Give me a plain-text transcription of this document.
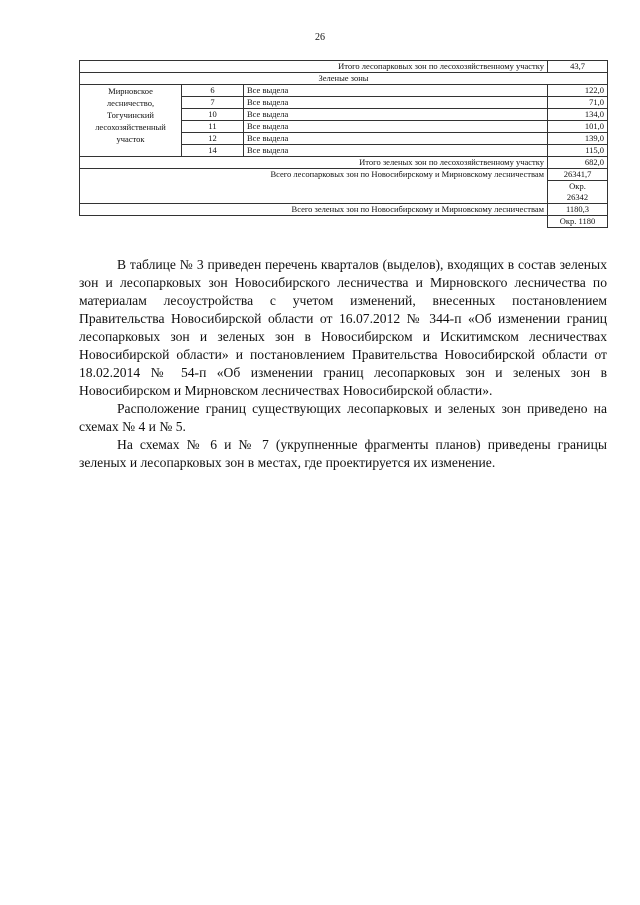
26
Итого лесопарковых зон по лесохозяйственному участку			43,7
Зеленые зоны			

Мирновское
лесничество,
Тогучинский
лесохозяйственный
участок	6	Все выдела	122,0
	7	Все выдела	71,0
	10	Все выдела	134,0
	11	Все выдела	101,0
	12	Все выдела	139,0
	14	Все выдела	115,0
Итого зеленых зон по лесохозяйственному участку			682,0
Всего лесопарковых зон по Новосибирскому и Мирновскому лесничествам			26341,7
Окр.
26342

Всего зеленых зон по Новосибирскому и Мирновскому лесничествам			1180,3
			Окр. 1180

В таблице № 3 приведен перечень кварталов (выделов), входящих в состав зеленых зон и лесопарковых зон Новосибирского лесничества и Мирновского лесничества по материалам лесоустройства с учетом изменений, внесенных постановлением Правительства Новосибирской области от 16.07.2012 № 344-п «Об изменении границ лесопарковых зон и зеленых зон в Новосибирском и Искитимском лесничествах Новосибирской области» и постановлением Правительства Новосибирской области от 18.02.2014 № 54-п «Об изменении границ лесопарковых зон и зеленых зон в Новосибирском и Мирновском лесничествах Новосибирской области».

Расположение границ существующих лесопарковых и зеленых зон приведено на схемах № 4 и № 5.

На схемах № 6 и № 7 (укрупненные фрагменты планов) приведены границы зеленых и лесопарковых зон в местах, где проектируется их изменение.
